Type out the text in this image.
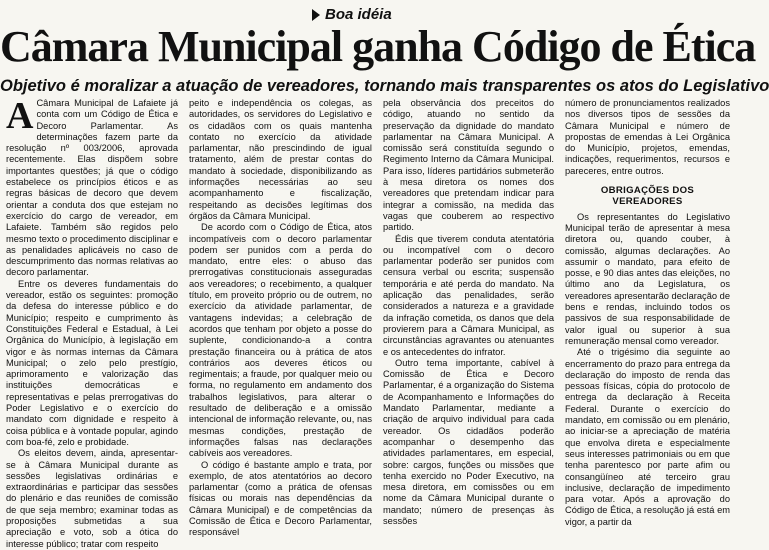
Boa idéia
Câmara Municipal ganha Código de Ética
Objetivo é moralizar a atuação de vereadores, tornando mais transparentes os atos do Legislativo

A Câmara Municipal de Lafaiete já conta com um Código de Ética e Decoro Parlamentar. As determinações fazem parte da resolução nº 003/2006, aprovada recentemente. Elas dispõem sobre importantes questões; já que o código estabelece os princípios éticos e as regras básicas de decoro que devem orientar a conduta dos que estejam no exercício do cargo de vereador, em Lafaiete. Também são regidos pelo mesmo texto o procedimento disciplinar e as penalidades aplicáveis no caso de descumprimento das normas relativas ao decoro parlamentar.

Entre os deveres fundamentais do vereador, estão os seguintes: promoção da defesa do interesse público e do Município; respeito e cumprimento às Constituições Federal e Estadual, à Lei Orgânica do Município, à legislação em vigor e às normas internas da Câmara Municipal; o zelo pelo prestígio, aprimoramento e valorização das instituições democráticas e representativas e pelas prerrogativas do Poder Legislativo e o exercício do mandato com dignidade e respeito à coisa pública e à vontade popular, agindo com boa-fé, zelo e probidade.

Os eleitos devem, ainda, apresentar-se à Câmara Municipal durante as sessões legislativas ordinárias e extraordinárias e participar das sessões do plenário e das reuniões de comissão de que seja membro; examinar todas as proposições submetidas a sua apreciação e voto, sob a ótica do interesse público; tratar com respeito

peito e independência os colegas, as autoridades, os servidores do Legislativo e os cidadãos com os quais mantenha contato no exercício da atividade parlamentar, não prescindindo de igual tratamento, além de prestar contas do mandato à sociedade, disponibilizando as informações necessárias ao seu acompanhamento e fiscalização, respeitando as decisões legítimas dos órgãos da Câmara Municipal.

De acordo com o Código de Ética, atos incompatíveis com o decoro parlamentar podem ser punidos com a perda do mandato, entre eles: o abuso das prerrogativas constitucionais asseguradas aos vereadores; o recebimento, a qualquer título, em proveito próprio ou de outrem, no exercício da atividade parlamentar, de vantagens indevidas; a celebração de acordos que tenham por objeto a posse do suplente, condicionando-a a contra prestação financeira ou à prática de atos contrários aos deveres éticos ou regimentais; a fraude, por qualquer meio ou forma, no regulamento em andamento dos trabalhos legislativos, para alterar o resultado de deliberação e a omissão intencional de informação relevante, ou, nas mesmas condições, prestação de informações falsas nas declarações cabíveis aos vereadores.

O código é bastante amplo e trata, por exemplo, de atos atentatórios ao decoro parlamentar (como a prática de ofensas físicas ou morais nas dependências da Câmara Municipal) e de competências da Comissão de Ética e Decoro Parlamentar, responsável

pela observância dos preceitos do código, atuando no sentido da preservação da dignidade do mandato parlamentar na Câmara Municipal. A comissão será constituída segundo o Regimento Interno da Câmara Municipal. Para isso, líderes partidários submeterão à mesa diretora os nomes dos vereadores que pretendam indicar para integrar a comissão, na medida das vagas que couberem ao respectivo partido.

Édis que tiverem conduta atentatória ou incompatível com o decoro parlamentar poderão ser punidos com censura verbal ou escrita; suspensão temporária e até perda do mandato. Na aplicação das penalidades, serão considerados a natureza e a gravidade da infração cometida, os danos que dela provierem para a Câmara Municipal, as circunstâncias agravantes ou atenuantes e os antecedentes do infrator.

Outro tema importante, cabível à Comissão de Ética e Decoro Parlamentar, é a organização do Sistema de Acompanhamento e Informações do Mandato Parlamentar, mediante a criação de arquivo individual para cada vereador. Os cidadãos poderão acompanhar o desempenho das atividades parlamentares, em especial, sobre: cargos, funções ou missões que tenha exercido no Poder Executivo, na mesa diretora, em comissões ou em nome da Câmara Municipal durante o mandato; número de presenças às sessões

número de pronunciamentos realizados nos diversos tipos de sessões da Câmara Municipal e número de propostas de emendas à Lei Orgânica do Município, projetos, emendas, indicações, requerimentos, recursos e pareceres, entre outros.

OBRIGAÇÕES DOS VEREADORES

Os representantes do Legislativo Municipal terão de apresentar à mesa diretora ou, quando couber, à comissão, algumas declarações. Ao assumir o mandato, para efeito de posse, e 90 dias antes das eleições, no último ano da Legislatura, os vereadores apresentarão declaração de bens e rendas, incluindo todos os passivos de sua responsabilidade de valor igual ou superior à sua remuneração mensal como vereador.

Até o trigésimo dia seguinte ao encerramento do prazo para entrega da declaração do imposto de renda das pessoas físicas, cópia do protocolo de entrega da declaração à Receita Federal. Durante o exercício do mandato, em comissão ou em plenário, ao iniciar-se a apreciação de matéria que envolva direta e especialmente seus interesses patrimoniais ou em que tenha parentesco por parte afim ou consangüíneo até terceiro grau inclusive, declaração de impedimento para votar. Após a aprovação do Código de Ética, a resolução já está em vigor, a partir da
